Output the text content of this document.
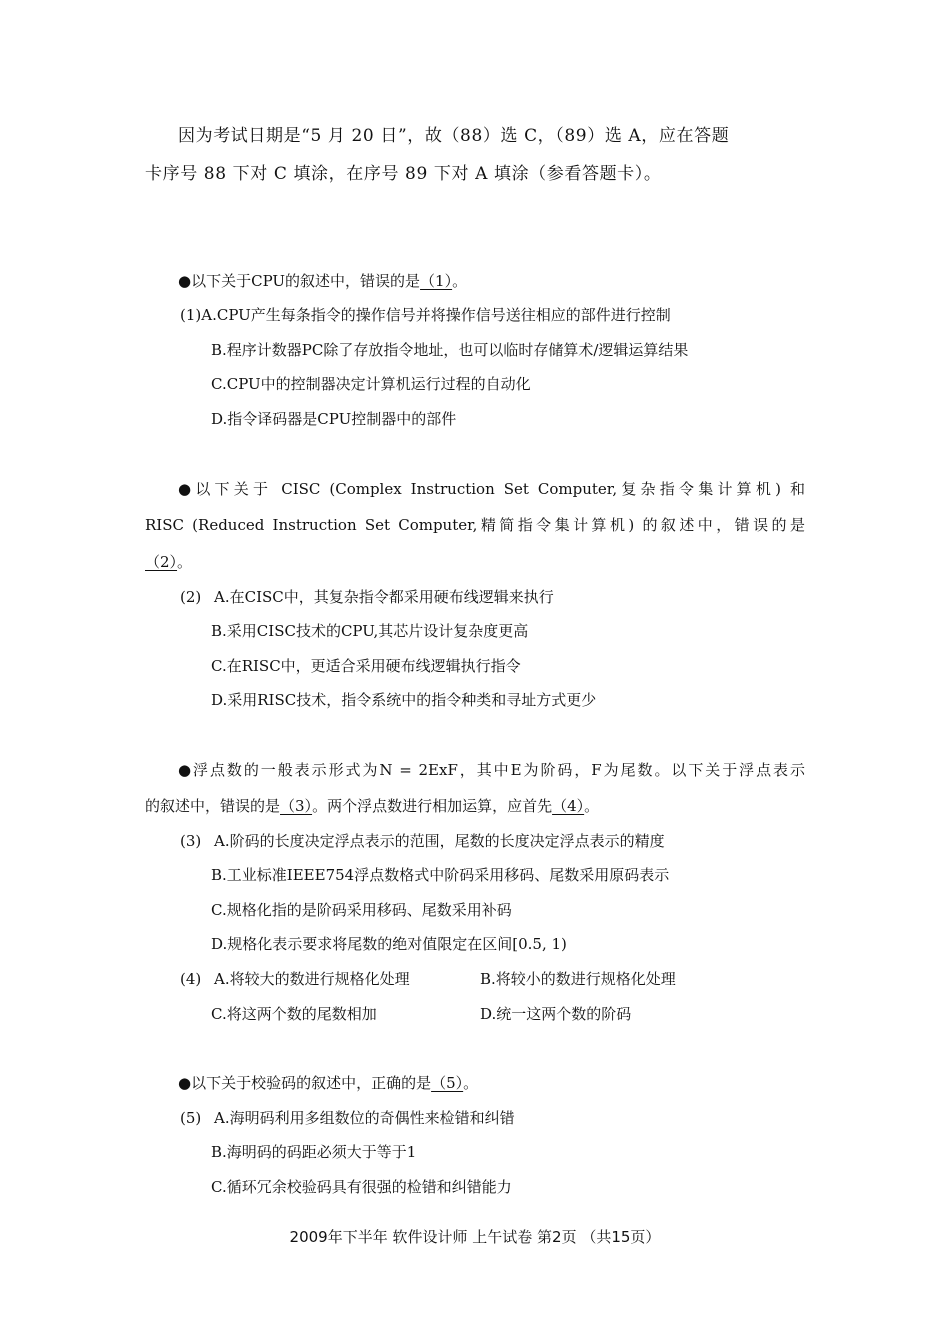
因为考试日期是“5 月 20 日”，故（88）选 C，（89）选 A，应在答题
卡序号 88 下对 C 填涂，在序号 89 下对 A 填涂（参看答题卡）。
●以下关于CPU的叙述中，错误的是（1）。
(1)A.CPU产生每条指令的操作信号并将操作信号送往相应的部件进行控制
B.程序计数器PC除了存放指令地址，也可以临时存储算术/逻辑运算结果
C.CPU中的控制器决定计算机运行过程的自动化
D.指令译码器是CPU控制器中的部件
●以下关于 CISC (Complex Instruction Set Computer,复杂指令集计算机) 和
RISC (Reduced Instruction Set Computer,精简指令集计算机) 的叙述中，错误的是
（2）。
(2) A.在CISC中，其复杂指令都采用硬布线逻辑来执行
B.采用CISC技术的CPU,其芯片设计复杂度更高
C.在RISC中，更适合采用硬布线逻辑执行指令
D.采用RISC技术，指令系统中的指令种类和寻址方式更少
●浮点数的一般表示形式为N = 2ExF，其中E为阶码，F为尾数。以下关于浮点表示
的叙述中，错误的是（3）。两个浮点数进行相加运算，应首先（4）。
(3) A.阶码的长度决定浮点表示的范围，尾数的长度决定浮点表示的精度
B.工业标准IEEE754浮点数格式中阶码采用移码、尾数采用原码表示
C.规格化指的是阶码采用移码、尾数采用补码
D.规格化表示要求将尾数的绝对值限定在区间[0.5, 1)
(4) A.将较大的数进行规格化处理	B.将较小的数进行规格化处理
C.将这两个数的尾数相加	D.统一这两个数的阶码
●以下关于校验码的叙述中，正确的是（5）。
(5) A.海明码利用多组数位的奇偶性来检错和纠错
B.海明码的码距必须大于等于1
C.循环冗余校验码具有很强的检错和纠错能力
2009年下半年 软件设计师 上午试卷 第2页 （共15页）
